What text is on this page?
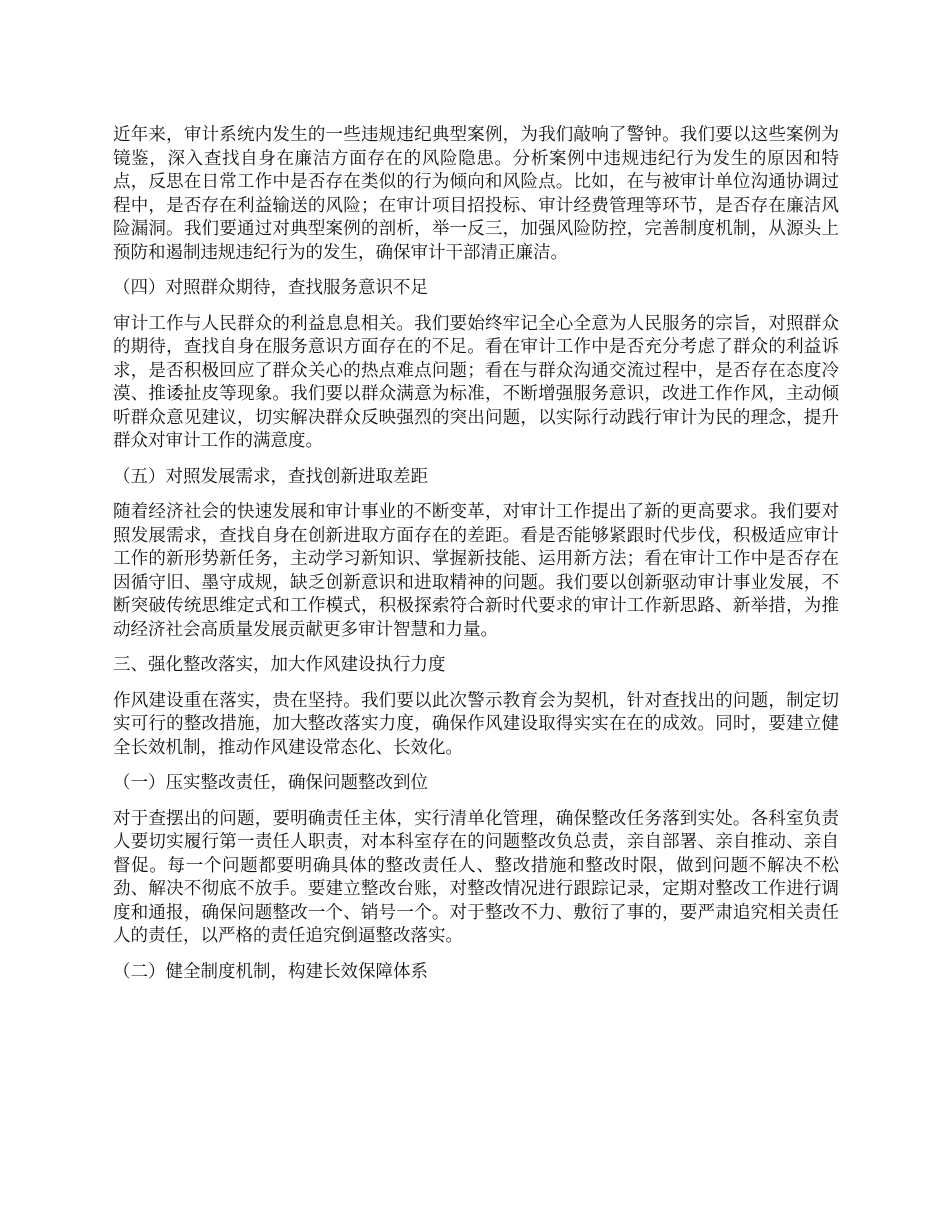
近年来，审计系统内发生的一些违规违纪典型案例，为我们敲响了警钟。我们要以这些案例为镜鉴，深入查找自身在廉洁方面存在的风险隐患。分析案例中违规违纪行为发生的原因和特点，反思在日常工作中是否存在类似的行为倾向和风险点。比如，在与被审计单位沟通协调过程中，是否存在利益输送的风险；在审计项目招投标、审计经费管理等环节，是否存在廉洁风险漏洞。我们要通过对典型案例的剖析，举一反三，加强风险防控，完善制度机制，从源头上预防和遏制违规违纪行为的发生，确保审计干部清正廉洁。

（四）对照群众期待，查找服务意识不足

审计工作与人民群众的利益息息相关。我们要始终牢记全心全意为人民服务的宗旨，对照群众的期待，查找自身在服务意识方面存在的不足。看在审计工作中是否充分考虑了群众的利益诉求，是否积极回应了群众关心的热点难点问题；看在与群众沟通交流过程中，是否存在态度冷漠、推诿扯皮等现象。我们要以群众满意为标准，不断增强服务意识，改进工作作风，主动倾听群众意见建议，切实解决群众反映强烈的突出问题，以实际行动践行审计为民的理念，提升群众对审计工作的满意度。

（五）对照发展需求，查找创新进取差距

随着经济社会的快速发展和审计事业的不断变革，对审计工作提出了新的更高要求。我们要对照发展需求，查找自身在创新进取方面存在的差距。看是否能够紧跟时代步伐，积极适应审计工作的新形势新任务，主动学习新知识、掌握新技能、运用新方法；看在审计工作中是否存在因循守旧、墨守成规，缺乏创新意识和进取精神的问题。我们要以创新驱动审计事业发展，不断突破传统思维定式和工作模式，积极探索符合新时代要求的审计工作新思路、新举措，为推动经济社会高质量发展贡献更多审计智慧和力量。

三、强化整改落实，加大作风建设执行力度

作风建设重在落实，贵在坚持。我们要以此次警示教育会为契机，针对查找出的问题，制定切实可行的整改措施，加大整改落实力度，确保作风建设取得实实在在的成效。同时，要建立健全长效机制，推动作风建设常态化、长效化。

（一）压实整改责任，确保问题整改到位

对于查摆出的问题，要明确责任主体，实行清单化管理，确保整改任务落到实处。各科室负责人要切实履行第一责任人职责，对本科室存在的问题整改负总责，亲自部署、亲自推动、亲自督促。每一个问题都要明确具体的整改责任人、整改措施和整改时限，做到问题不解决不松劲、解决不彻底不放手。要建立整改台账，对整改情况进行跟踪记录，定期对整改工作进行调度和通报，确保问题整改一个、销号一个。对于整改不力、敷衍了事的，要严肃追究相关责任人的责任，以严格的责任追究倒逼整改落实。

（二）健全制度机制，构建长效保障体系
